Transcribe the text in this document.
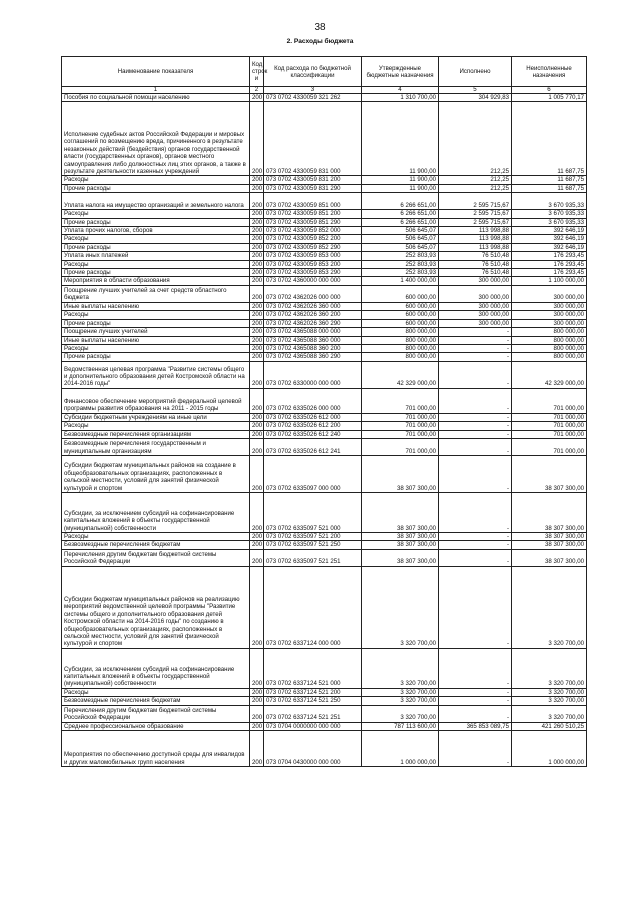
38
2. Расходы бюджета
Наименование показателя	Код строк и	Код расхода по бюджетной классификации	Утвержденные бюджетные назначения	Исполнено	Неисполненные назначения
1	2	3	4	5	6
Пособия по социальной помощи населению	200	073 0702 4330059 321 262	1 310 700,00	304 929,83	1 005 770,17
Исполнение судебных актов Российской Федерации и мировых соглашений по возмещению вреда, причиненного в результате незаконных действий (бездействия) органов государственной власти (государственных органов), органов местного самоуправления либо должностных лиц этих органов, а также в результате деятельности казенных учреждений	200	073 0702 4330059 831 000	11 900,00	212,25	11 687,75
Расходы	200	073 0702 4330059 831 200	11 900,00	212,25	11 687,75
Прочие расходы	200	073 0702 4330059 831 290	11 900,00	212,25	11 687,75
Уплата налога на имущество организаций и земельного налога	200	073 0702 4330059 851 000	6 266 651,00	2 595 715,67	3 670 935,33
Расходы	200	073 0702 4330059 851 200	6 266 651,00	2 595 715,67	3 670 935,33
Прочие расходы	200	073 0702 4330059 851 290	6 266 651,00	2 595 715,67	3 670 935,33
Уплата прочих налогов, сборов	200	073 0702 4330059 852 000	506 645,07	113 998,88	392 646,19
Расходы	200	073 0702 4330059 852 200	506 645,07	113 998,88	392 646,19
Прочие расходы	200	073 0702 4330059 852 290	506 645,07	113 998,88	392 646,19
Уплата иных платежей	200	073 0702 4330059 853 000	252 803,93	76 510,48	176 293,45
Расходы	200	073 0702 4330059 853 200	252 803,93	76 510,48	176 293,45
Прочие расходы	200	073 0702 4330059 853 290	252 803,93	76 510,48	176 293,45
Мероприятия в области образования	200	073 0702 4360000 000 000	1 400 000,00	300 000,00	1 100 000,00
Поощрение лучших учителей за счет средств областного бюджета	200	073 0702 4362026 000 000	600 000,00	300 000,00	300 000,00
Иные выплаты населению	200	073 0702 4362026 360 000	600 000,00	300 000,00	300 000,00
Расходы	200	073 0702 4362026 360 200	600 000,00	300 000,00	300 000,00
Прочие расходы	200	073 0702 4362026 360 290	600 000,00	300 000,00	300 000,00
Поощрение лучших учителей	200	073 0702 4365088 000 000	800 000,00	-	800 000,00
Иные выплаты населению	200	073 0702 4365088 360 000	800 000,00	-	800 000,00
Расходы	200	073 0702 4365088 360 200	800 000,00	-	800 000,00
Прочие расходы	200	073 0702 4365088 360 290	800 000,00	-	800 000,00
Ведомственная целевая программа "Развитие системы общего и дополнительного образования детей Костромской области на 2014-2016 годы"	200	073 0702 6330000 000 000	42 329 000,00	-	42 329 000,00
Финансовое обеспечение мероприятий федеральной целевой программы развития образования на 2011 - 2015 годы	200	073 0702 6335026 000 000	701 000,00	-	701 000,00
Субсидии бюджетным учреждениям на иные цели	200	073 0702 6335026 612 000	701 000,00	-	701 000,00
Расходы	200	073 0702 6335026 612 200	701 000,00	-	701 000,00
Безвозмездные перечисления организациям	200	073 0702 6335026 612 240	701 000,00	-	701 000,00
Безвозмездные перечисления государственным и муниципальным организациям	200	073 0702 6335026 612 241	701 000,00	-	701 000,00
Субсидии бюджетам муниципальных районов на создание в общеобразовательных организациях, расположенных в сельской местности, условий для занятий физической культурой и спортом	200	073 0702 6335097 000 000	38 307 300,00	-	38 307 300,00
Субсидии, за исключением субсидий на софинансирование капитальных вложений в объекты государственной (муниципальной) собственности	200	073 0702 6335097 521 000	38 307 300,00	-	38 307 300,00
Расходы	200	073 0702 6335097 521 200	38 307 300,00	-	38 307 300,00
Безвозмездные перечисления бюджетам	200	073 0702 6335097 521 250	38 307 300,00	-	38 307 300,00
Перечисления другим бюджетам бюджетной системы Российской Федерации	200	073 0702 6335097 521 251	38 307 300,00	-	38 307 300,00
Субсидии бюджетам муниципальных районов на реализацию мероприятий ведомственной целевой программы "Развитие системы общего и дополнительного образования детей Костромской области на 2014-2016 годы" по созданию в общеобразовательных организациях, расположенных в сельской местности, условий для занятий физической культурой и спортом	200	073 0702 6337124 000 000	3 320 700,00	-	3 320 700,00
Субсидии, за исключением субсидий на софинансирование капитальных вложений в объекты государственной (муниципальной) собственности	200	073 0702 6337124 521 000	3 320 700,00	-	3 320 700,00
Расходы	200	073 0702 6337124 521 200	3 320 700,00	-	3 320 700,00
Безвозмездные перечисления бюджетам	200	073 0702 6337124 521 250	3 320 700,00	-	3 320 700,00
Перечисления другим бюджетам бюджетной системы Российской Федерации	200	073 0702 6337124 521 251	3 320 700,00	-	3 320 700,00
Среднее профессиональное образование	200	073 0704 0000000 000 000	787 113 600,00	365 853 089,75	421 260 510,25
Мероприятия по обеспечению доступной среды для инвалидов и других маломобильных групп населения	200	073 0704 0430000 000 000	1 000 000,00	-	1 000 000,00
